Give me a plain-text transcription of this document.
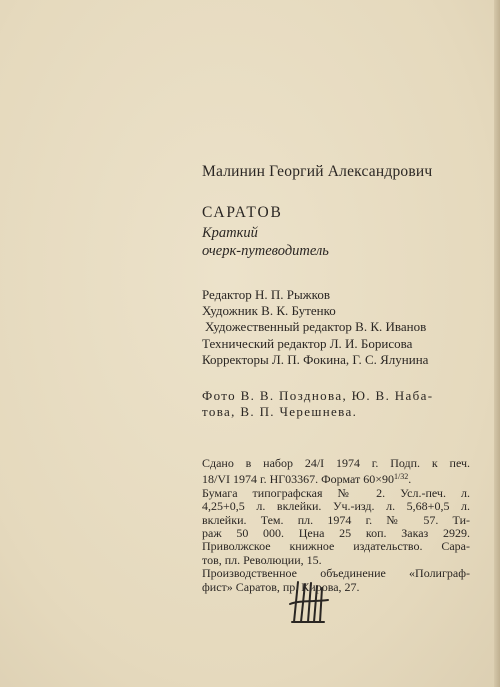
Малинин Георгий Александрович
САРАТОВ
Краткий
очерк-путеводитель
Редактор Н. П. Рыжков
Художник В. К. Бутенко
Художественный редактор В. К. Иванов
Технический редактор Л. И. Борисова
Корректоры Л. П. Фокина, Г. С. Ялунина
Фото В. В. Позднова, Ю. В. Наба-
това, В. П. Черешнева.
Сдано в набор 24/I 1974 г. Подп. к печ.
18/VI 1974 г. НГ03367. Формат $60\times 90^{1/32}$.
Бумага типографская № 2. Усл.-печ. л.
4,25+0,5 л. вклейки. Уч.-изд. л. 5,68+0,5 л.
вклейки. Тем. пл. 1974 г. № 57. Ти-
раж 50 000. Цена 25 коп. Заказ 2929.
Приволжское книжное издательство. Сара-
тов, пл. Революции, 15.
Производственное объединение «Полиграф-
фист» Саратов, пр. Кирова, 27.
